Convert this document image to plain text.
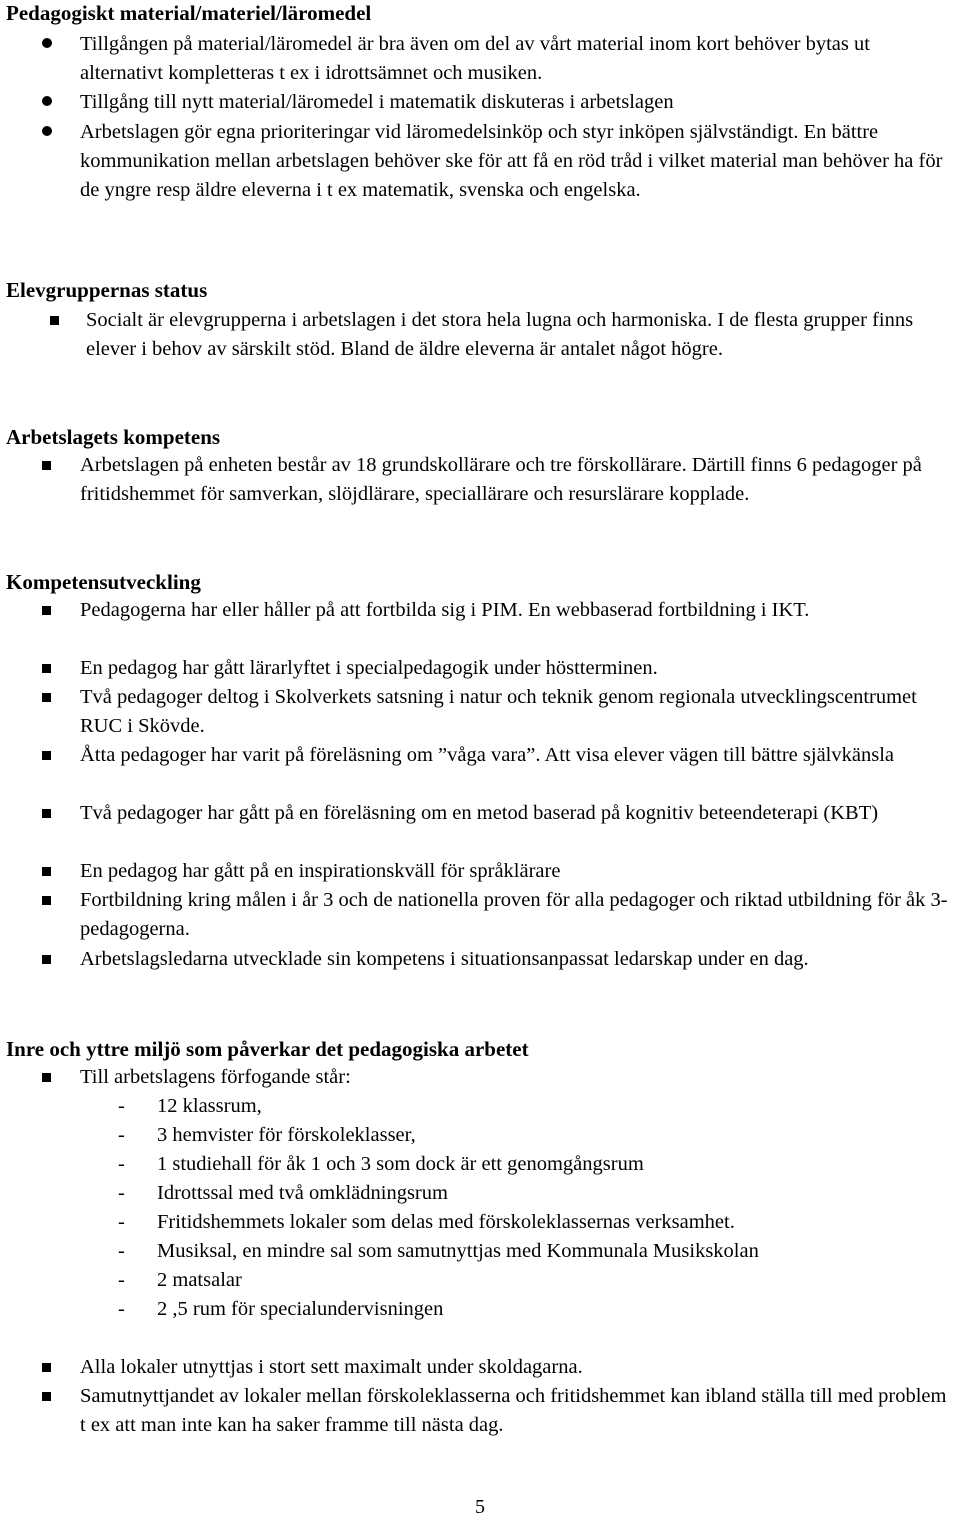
Pedagogiskt material/materiel/läromedel
Tillgången på material/läromedel är bra även om del av vårt material inom kort behöver bytas ut alternativt kompletteras t ex i idrottsämnet och musiken.
Tillgång till nytt material/läromedel i matematik diskuteras i arbetslagen
Arbetslagen gör egna prioriteringar vid läromedelsinköp och styr inköpen självständigt. En bättre kommunikation mellan arbetslagen behöver ske för att få en röd tråd i vilket material man behöver ha för de yngre resp äldre eleverna i t ex matematik, svenska och engelska.
Elevgruppernas status
Socialt är elevgrupperna i arbetslagen i det stora hela lugna och harmoniska. I de flesta grupper finns elever i behov av särskilt stöd. Bland de äldre eleverna är antalet något högre.
Arbetslagets kompetens
Arbetslagen på enheten består av 18 grundskollärare och tre förskollärare. Därtill finns 6 pedagoger på fritidshemmet för samverkan, slöjdlärare, speciallärare och resurslärare kopplade.
Kompetensutveckling
Pedagogerna har eller håller på att fortbilda sig i PIM. En webbaserad fortbildning i IKT.
En pedagog har gått lärarlyftet i specialpedagogik under höstterminen.
Två pedagoger deltog i Skolverkets satsning i natur och teknik genom regionala utvecklingscentrumet RUC i Skövde.
Åtta pedagoger har varit på föreläsning om ”våga vara”. Att visa elever vägen till bättre självkänsla
Två pedagoger har gått på en föreläsning om en metod baserad på kognitiv beteendeterapi (KBT)
En pedagog har gått på en inspirationskväll för språklärare
Fortbildning kring målen i år 3 och de nationella proven för alla pedagoger och riktad utbildning för åk 3-pedagogerna.
Arbetslagsledarna utvecklade sin kompetens i situationsanpassat ledarskap under en dag.
Inre och yttre miljö som påverkar det pedagogiska arbetet
Till arbetslagens förfogande står:
- 12 klassrum,
- 3 hemvister för förskoleklasser,
- 1 studiehall för åk 1 och 3 som dock är ett genomgångsrum
- Idrottssal med två omklädningsrum
- Fritidshemmets lokaler som delas med förskoleklassernas verksamhet.
- Musiksal, en mindre sal som samutnyttjas med Kommunala Musikskolan
- 2 matsalar
- 2 ,5 rum för specialundervisningen
Alla lokaler utnyttjas i stort sett maximalt under skoldagarna.
Samutnyttjandet av lokaler mellan förskoleklasserna och fritidshemmet kan ibland ställa till med problem t ex att man inte kan ha saker framme till nästa dag.
5
